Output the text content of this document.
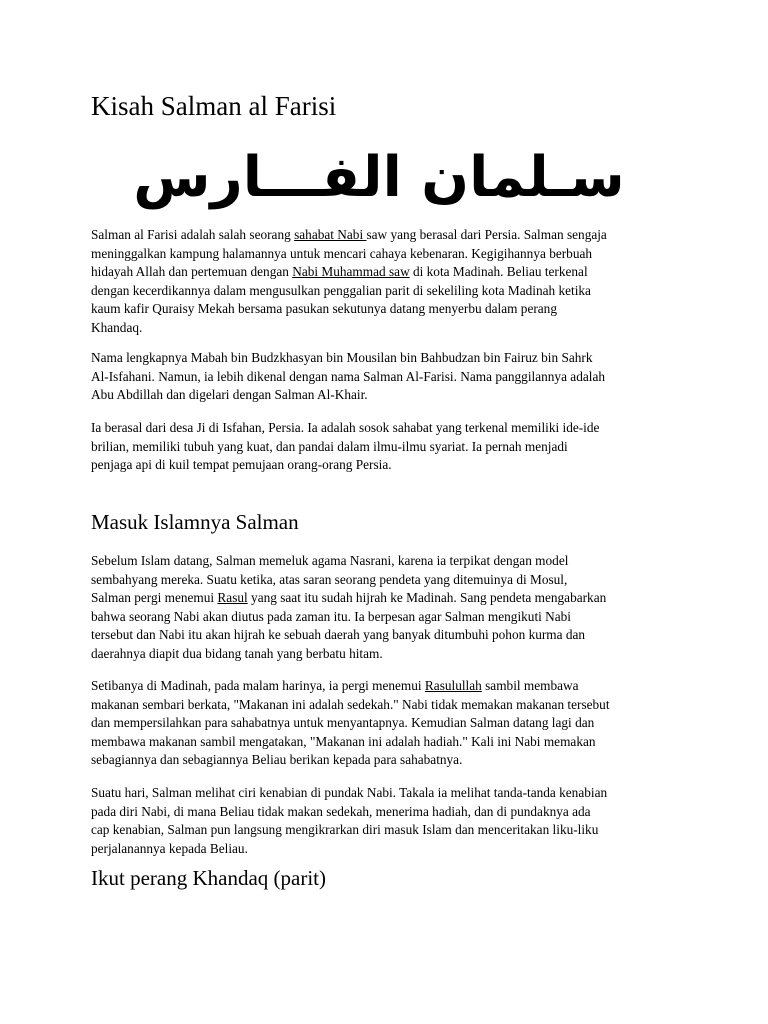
Kisah Salman al Farisi
سـلمان الفـــارس

Salman al Farisi adalah salah seorang sahabat Nabi saw yang berasal dari Persia. Salman sengaja
meninggalkan kampung halamannya untuk mencari cahaya kebenaran. Kegigihannya berbuah
hidayah Allah dan pertemuan dengan Nabi Muhammad saw di kota Madinah. Beliau terkenal
dengan kecerdikannya dalam mengusulkan penggalian parit di sekeliling kota Madinah ketika
kaum kafir Quraisy Mekah bersama pasukan sekutunya datang menyerbu dalam perang
Khandaq.

Nama lengkapnya Mabah bin Budzkhasyan bin Mousilan bin Bahbudzan bin Fairuz bin Sahrk
Al-Isfahani. Namun, ia lebih dikenal dengan nama Salman Al-Farisi. Nama panggilannya adalah
Abu Abdillah dan digelari dengan Salman Al-Khair.

Ia berasal dari desa Ji di Isfahan, Persia. Ia adalah sosok sahabat yang terkenal memiliki ide-ide
brilian, memiliki tubuh yang kuat, dan pandai dalam ilmu-ilmu syariat. Ia pernah menjadi
penjaga api di kuil tempat pemujaan orang-orang Persia.

Masuk Islamnya Salman

Sebelum Islam datang, Salman memeluk agama Nasrani, karena ia terpikat dengan model
sembahyang mereka. Suatu ketika, atas saran seorang pendeta yang ditemuinya di Mosul,
Salman pergi menemui Rasul yang saat itu sudah hijrah ke Madinah. Sang pendeta mengabarkan
bahwa seorang Nabi akan diutus pada zaman itu. Ia berpesan agar Salman mengikuti Nabi
tersebut dan Nabi itu akan hijrah ke sebuah daerah yang banyak ditumbuhi pohon kurma dan
daerahnya diapit dua bidang tanah yang berbatu hitam.

Setibanya di Madinah, pada malam harinya, ia pergi menemui Rasulullah sambil membawa
makanan sembari berkata, "Makanan ini adalah sedekah." Nabi tidak memakan makanan tersebut
dan mempersilahkan para sahabatnya untuk menyantapnya. Kemudian Salman datang lagi dan
membawa makanan sambil mengatakan, "Makanan ini adalah hadiah." Kali ini Nabi memakan
sebagiannya dan sebagiannya Beliau berikan kepada para sahabatnya.

Suatu hari, Salman melihat ciri kenabian di pundak Nabi. Takala ia melihat tanda-tanda kenabian
pada diri Nabi, di mana Beliau tidak makan sedekah, menerima hadiah, dan di pundaknya ada
cap kenabian, Salman pun langsung mengikrarkan diri masuk Islam dan menceritakan liku-liku
perjalanannya kepada Beliau.

Ikut perang Khandaq (parit)
